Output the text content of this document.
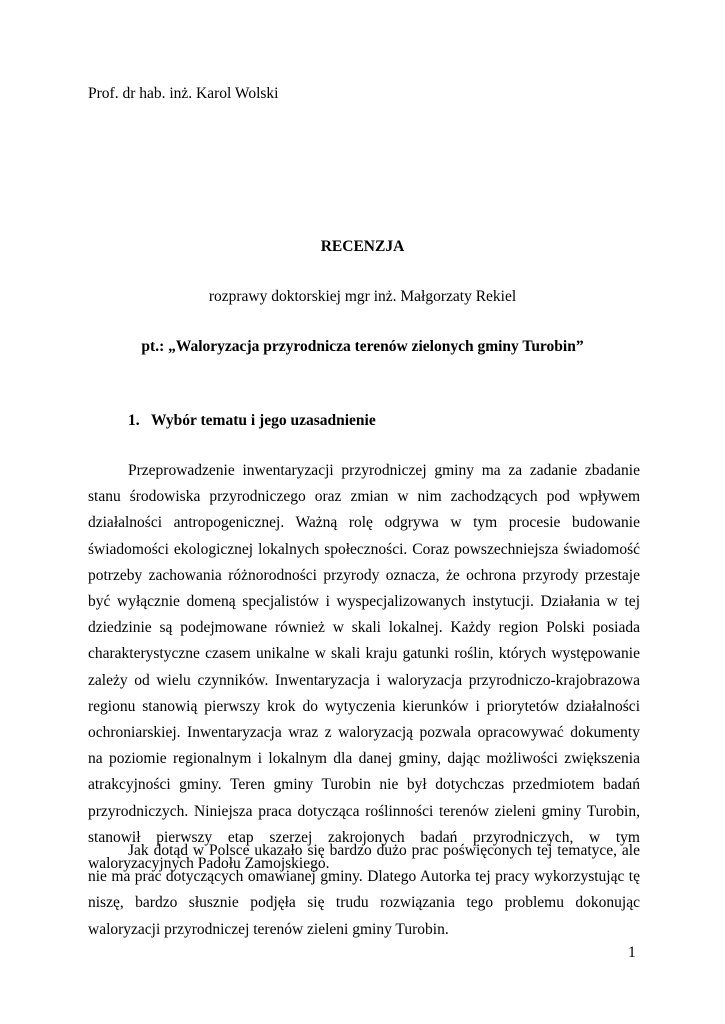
Prof. dr hab. inż. Karol Wolski
RECENZJA
rozprawy doktorskiej mgr inż. Małgorzaty Rekiel
pt.: „Waloryzacja przyrodnicza terenów zielonych gminy Turobin”
1. Wybór tematu i jego uzasadnienie

Przeprowadzenie inwentaryzacji przyrodniczej gminy ma za zadanie zbadanie stanu środowiska przyrodniczego oraz zmian w nim zachodzących pod wpływem działalności antropogenicznej. Ważną rolę odgrywa w tym procesie budowanie świadomości ekologicznej lokalnych społeczności. Coraz powszechniejsza świadomość potrzeby zachowania różnorodności przyrody oznacza, że ochrona przyrody przestaje być wyłącznie domeną specjalistów i wyspecjalizowanych instytucji. Działania w tej dziedzinie są podejmowane również w skali lokalnej. Każdy region Polski posiada charakterystyczne czasem unikalne w skali kraju gatunki roślin, których występowanie zależy od wielu czynników. Inwentaryzacja i waloryzacja przyrodniczo-krajobrazowa regionu stanowią pierwszy krok do wytyczenia kierunków i priorytetów działalności ochroniarskiej. Inwentaryzacja wraz z waloryzacją pozwala opracowywać dokumenty na poziomie regionalnym i lokalnym dla danej gminy, dając możliwości zwiększenia atrakcyjności gminy. Teren gminy Turobin nie był dotychczas przedmiotem badań przyrodniczych. Niniejsza praca dotycząca roślinności terenów zieleni gminy Turobin, stanowił pierwszy etap szerzej zakrojonych badań przyrodniczych, w tym waloryzacyjnych Padołu Zamojskiego.

Jak dotąd w Polsce ukazało się bardzo dużo prac poświęconych tej tematyce, ale nie ma prac dotyczących omawianej gminy. Dlatego Autorka tej pracy wykorzystując tę niszę, bardzo słusznie podjęła się trudu rozwiązania tego problemu dokonując waloryzacji przyrodniczej terenów zieleni gminy Turobin.

1
